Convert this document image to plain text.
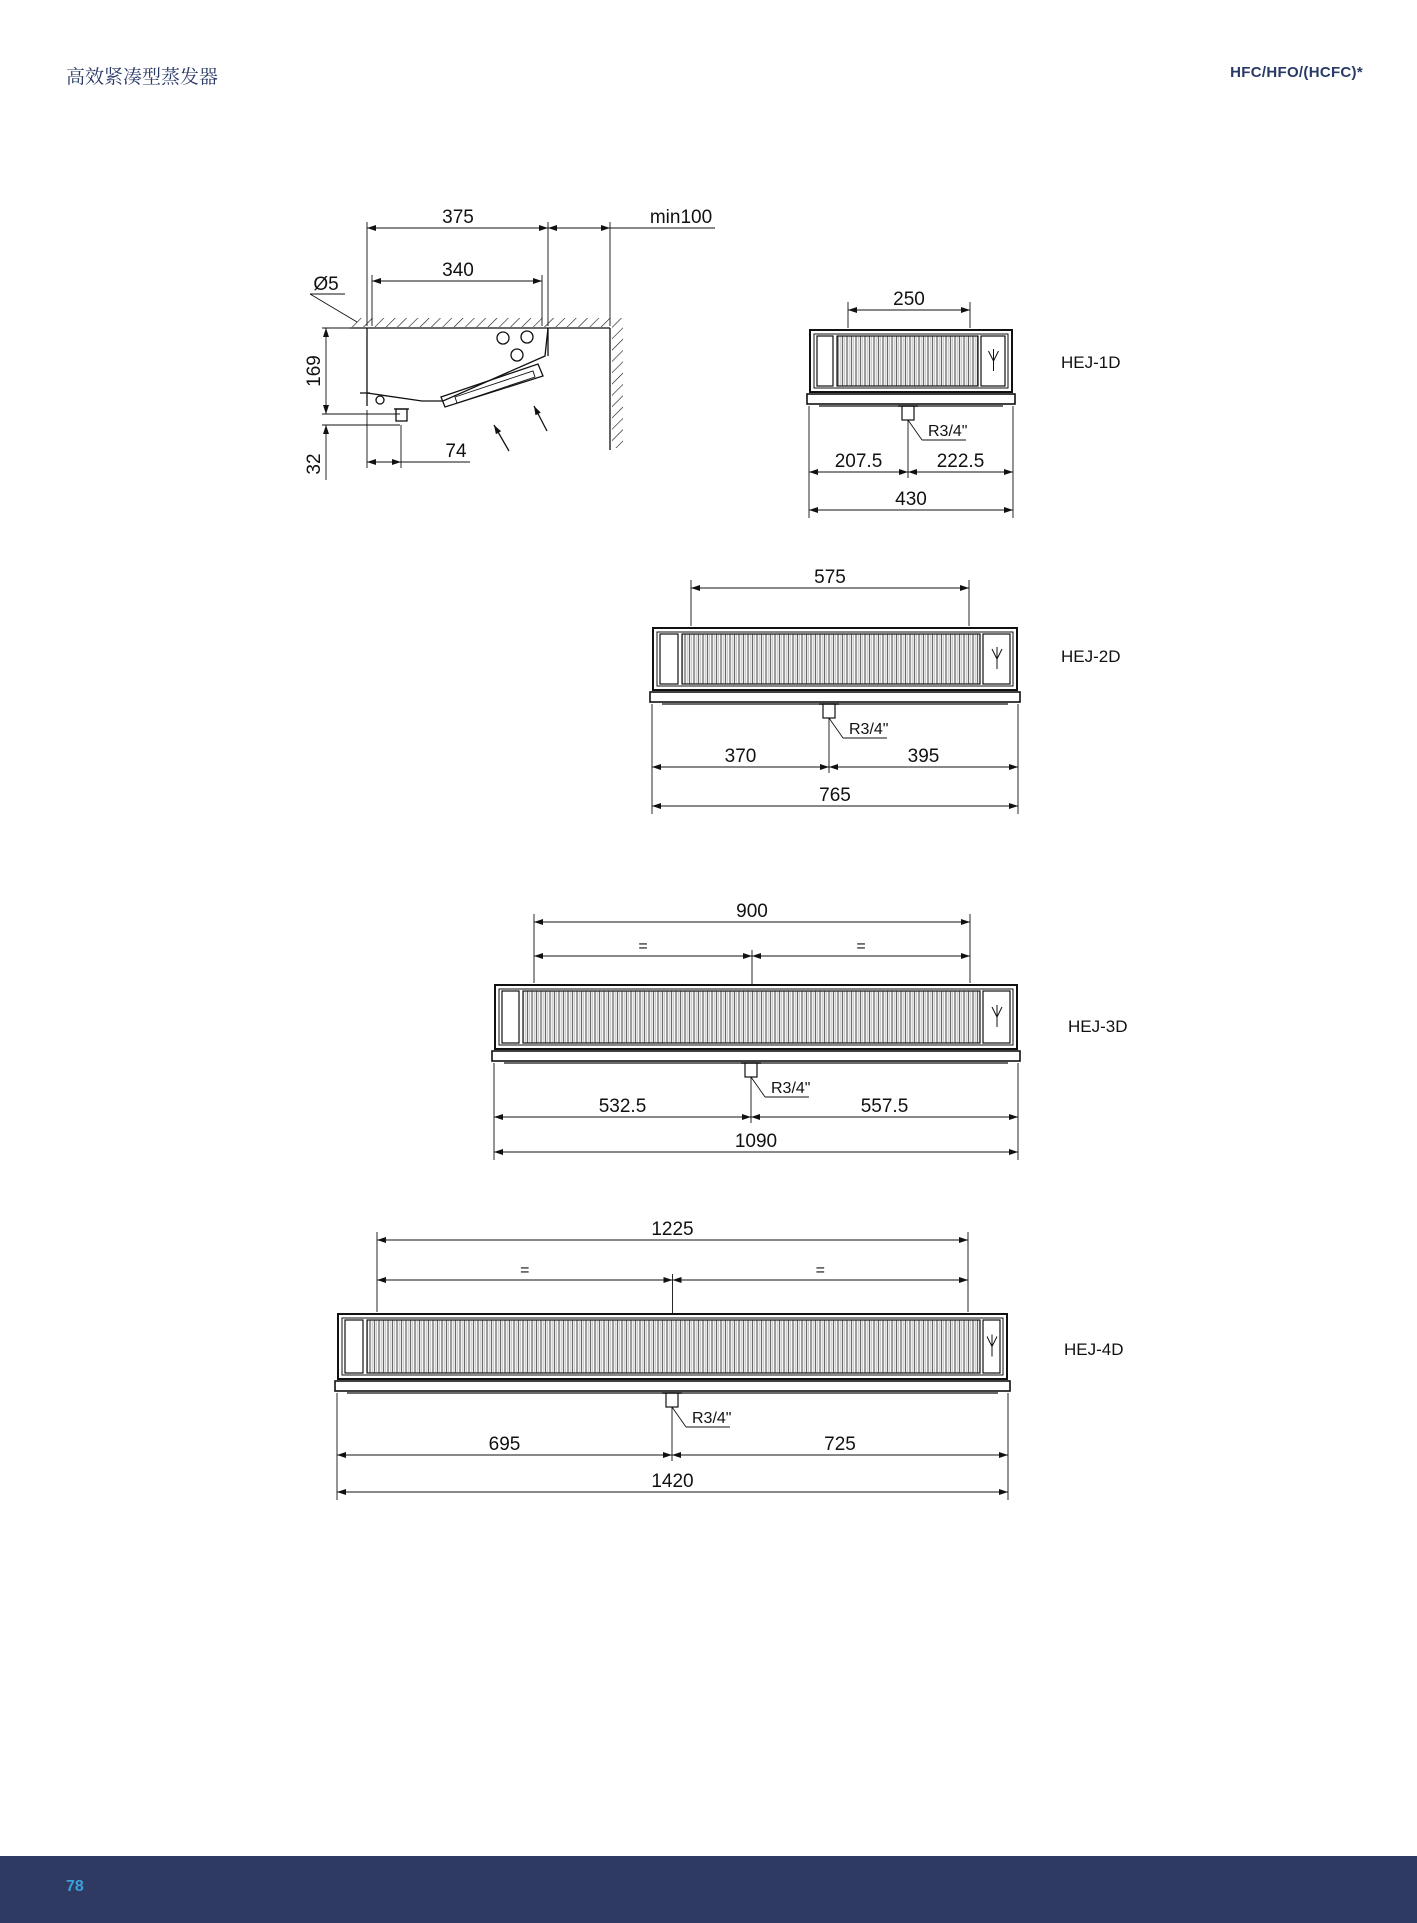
高效紧凑型蒸发器	HFC/HFO/(HCFC)*
375	min100
340
Ø5
169
32
74
R3/4"
250
207.5	222.5
430
HEJ-1D
R3/4"
575
370	395
765
HEJ-2D
R3/4"
900
=	=
532.5	557.5
1090
HEJ-3D
R3/4"
1225
=	=
695	725
1420
HEJ-4D
78
